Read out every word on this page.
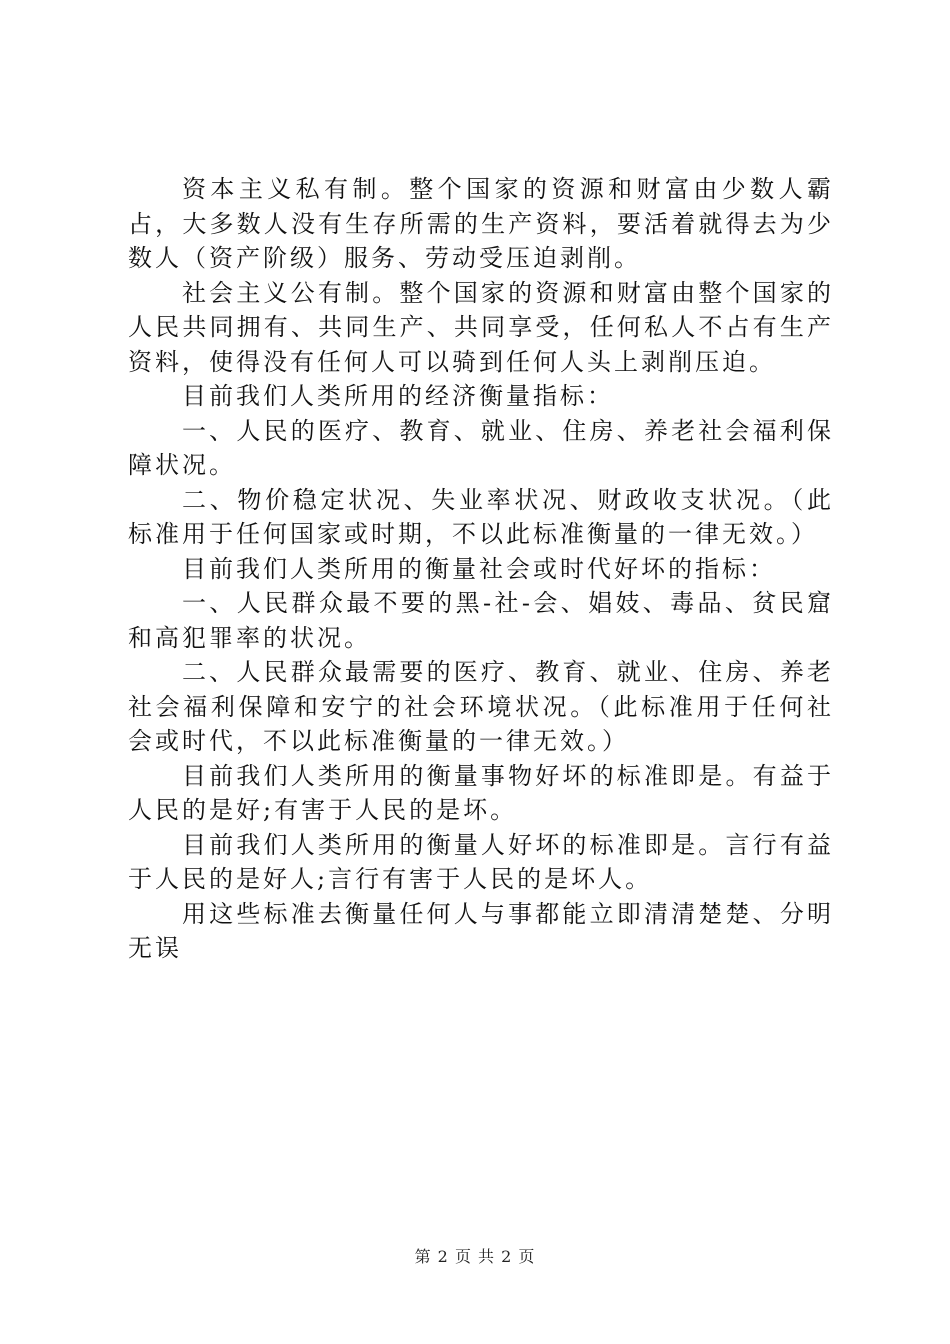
资本主义私有制。整个国家的资源和财富由少数人霸占，大多数人没有生存所需的生产资料，要活着就得去为少数人（资产阶级）服务、劳动受压迫剥削。

社会主义公有制。整个国家的资源和财富由整个国家的人民共同拥有、共同生产、共同享受，任何私人不占有生产资料，使得没有任何人可以骑到任何人头上剥削压迫。

目前我们人类所用的经济衡量指标：

一、人民的医疗、教育、就业、住房、养老社会福利保障状况。

二、物价稳定状况、失业率状况、财政收支状况。（此标准用于任何国家或时期，不以此标准衡量的一律无效。）

目前我们人类所用的衡量社会或时代好坏的指标：

一、人民群众最不要的黑-社-会、娼妓、毒品、贫民窟和高犯罪率的状况。

二、人民群众最需要的医疗、教育、就业、住房、养老社会福利保障和安宁的社会环境状况。（此标准用于任何社会或时代，不以此标准衡量的一律无效。）

目前我们人类所用的衡量事物好坏的标准即是。有益于人民的是好;有害于人民的是坏。

目前我们人类所用的衡量人好坏的标准即是。言行有益于人民的是好人;言行有害于人民的是坏人。

用这些标准去衡量任何人与事都能立即清清楚楚、分明无误

第 2 页 共 2 页
